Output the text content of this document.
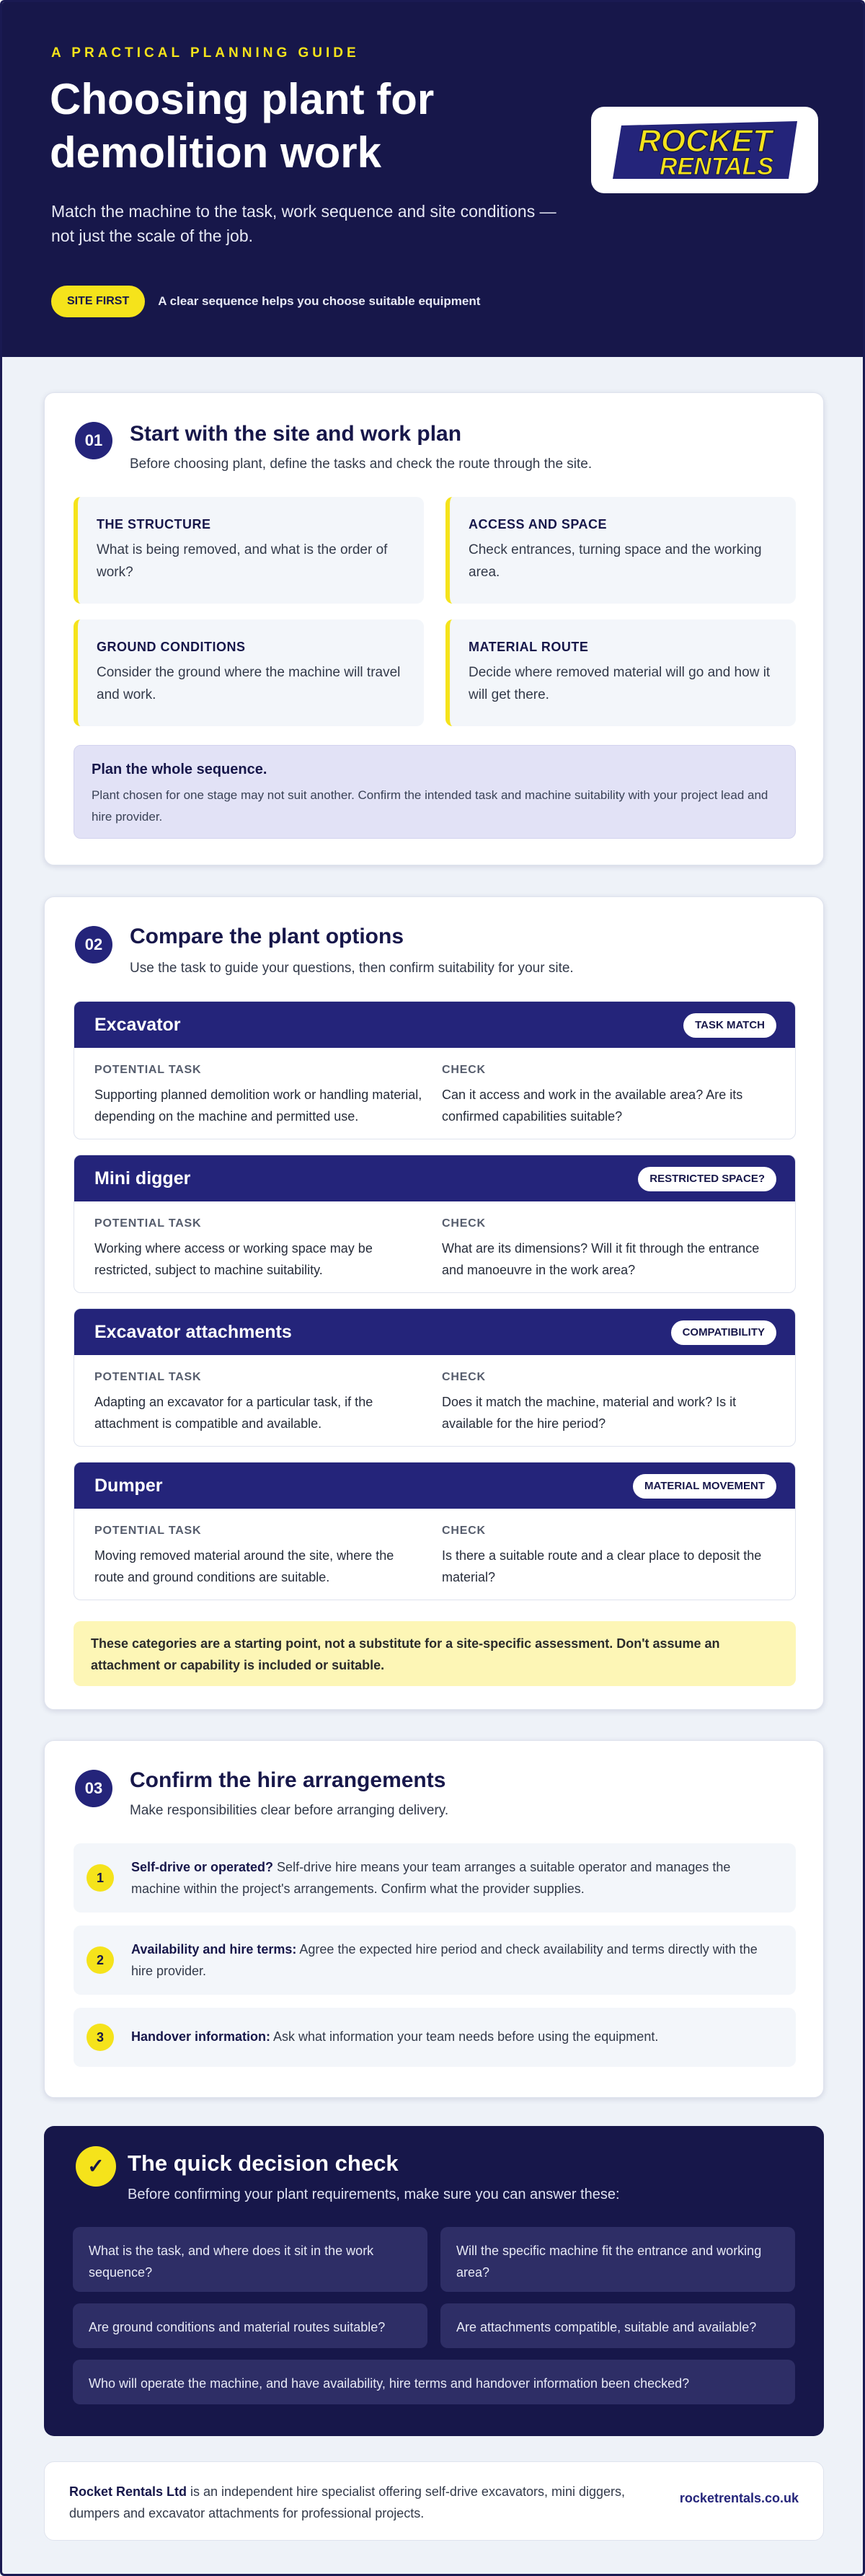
A PRACTICAL PLANNING GUIDE
Choosing plant for demolition work
Match the machine to the task, work sequence and site conditions — not just the scale of the job.
SITE FIRST	A clear sequence helps you choose suitable equipment
ROCKET
RENTALS
01	Start with the site and work plan
Before choosing plant, define the tasks and check the route through the site.
THE STRUCTURE
What is being removed, and what is the order of work?
ACCESS AND SPACE
Check entrances, turning space and the working area.
GROUND CONDITIONS
Consider the ground where the machine will travel and work.
MATERIAL ROUTE
Decide where removed material will go and how it will get there.
Plan the whole sequence.
Plant chosen for one stage may not suit another. Confirm the intended task and machine suitability with your project lead and hire provider.
02	Compare the plant options
Use the task to guide your questions, then confirm suitability for your site.
Excavator	TASK MATCH
POTENTIAL TASK
Supporting planned demolition work or handling material, depending on the machine and permitted use.
CHECK
Can it access and work in the available area? Are its confirmed capabilities suitable?
Mini digger	RESTRICTED SPACE?
POTENTIAL TASK
Working where access or working space may be restricted, subject to machine suitability.
CHECK
What are its dimensions? Will it fit through the entrance and manoeuvre in the work area?
Excavator attachments	COMPATIBILITY
POTENTIAL TASK
Adapting an excavator for a particular task, if the attachment is compatible and available.
CHECK
Does it match the machine, material and work? Is it available for the hire period?
Dumper	MATERIAL MOVEMENT
POTENTIAL TASK
Moving removed material around the site, where the route and ground conditions are suitable.
CHECK
Is there a suitable route and a clear place to deposit the material?
These categories are a starting point, not a substitute for a site-specific assessment. Don't assume an attachment or capability is included or suitable.
03	Confirm the hire arrangements
Make responsibilities clear before arranging delivery.
1
Self-drive or operated? Self-drive hire means your team arranges a suitable operator and manages the machine within the project's arrangements. Confirm what the provider supplies.
2
Availability and hire terms: Agree the expected hire period and check availability and terms directly with the hire provider.
3	Handover information: Ask what information your team needs before using the equipment.
✓	The quick decision check
Before confirming your plant requirements, make sure you can answer these:
What is the task, and where does it sit in the work sequence?
Will the specific machine fit the entrance and working area?
Are ground conditions and material routes suitable?	Are attachments compatible, suitable and available?
Who will operate the machine, and have availability, hire terms and handover information been checked?
Rocket Rentals Ltd is an independent hire specialist offering self-drive excavators, mini diggers, dumpers and excavator attachments for professional projects.
rocketrentals.co.uk
